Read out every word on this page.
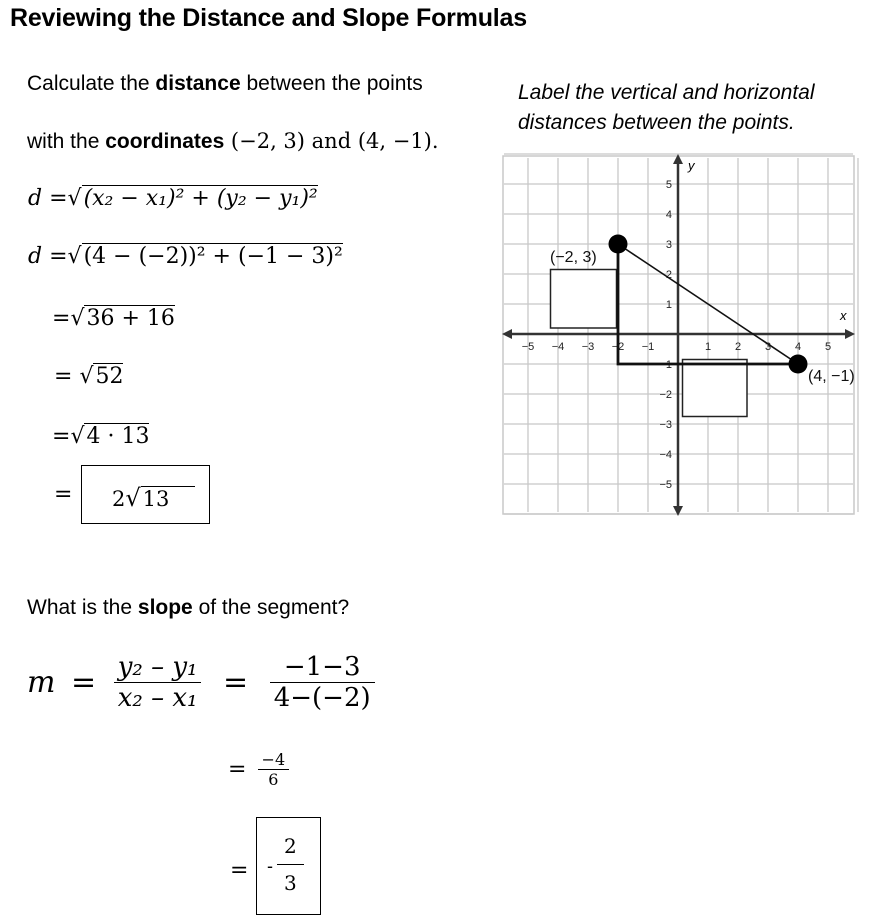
Reviewing the Distance and Slope Formulas
Calculate the distance between the points
with the coordinates (−2, 3) and (4, −1).
d =√(x₂ − x₁)² + (y₂ − y₁)²
d =√(4 − (−2))² + (−1 − 3)²
=√36 + 16
= √52
=√4 · 13
= 2√13
Label the vertical and horizontal
distances between the points.
x
y
−5 −4 −3 −2 −1	1 2 3 4 5
5
4
3
2
1
−1
−2
−3
−4
−5
(−2, 3)
(4, −1)
What is the slope of the segment?
$m = \frac{\text{y₂ – y₁}}{\text{x₂ – x₁}} = \frac{-1-3}{4-(-2)}$
= $\frac{-4}{6}$
= - $\frac{2}{3}$
